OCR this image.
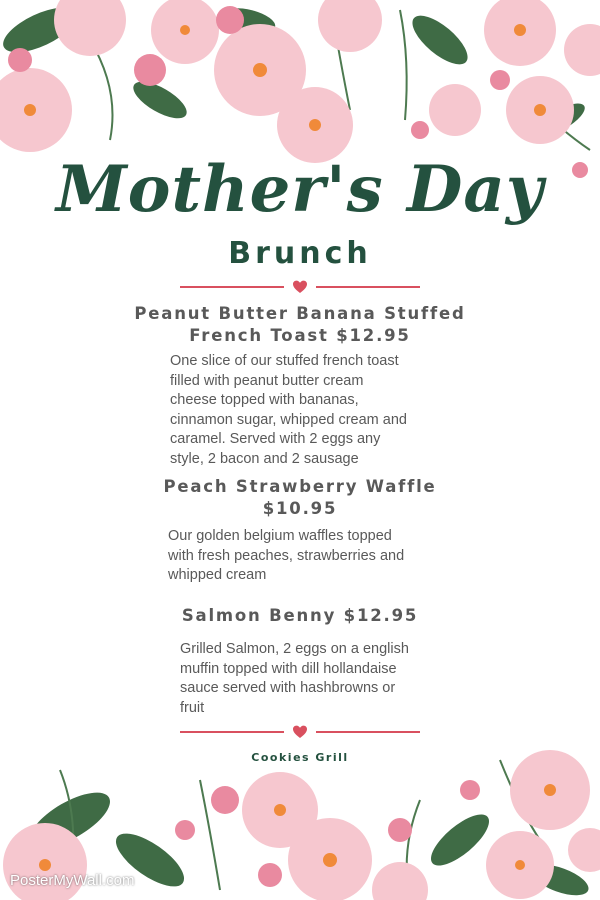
Mother's Day
Brunch
Peanut Butter Banana Stuffed
French Toast $12.95
One slice of our stuffed french toast
filled with peanut butter cream
cheese topped with bananas,
cinnamon sugar, whipped cream and
caramel. Served with 2 eggs any
style, 2 bacon and 2 sausage
Peach Strawberry Waffle
$10.95
Our golden belgium waffles topped
with fresh peaches, strawberries and
whipped cream
Salmon Benny $12.95
Grilled Salmon, 2 eggs on a english
muffin topped with dill hollandaise
sauce served with hashbrowns or
fruit
Cookies Grill
PosterMyWall.com
